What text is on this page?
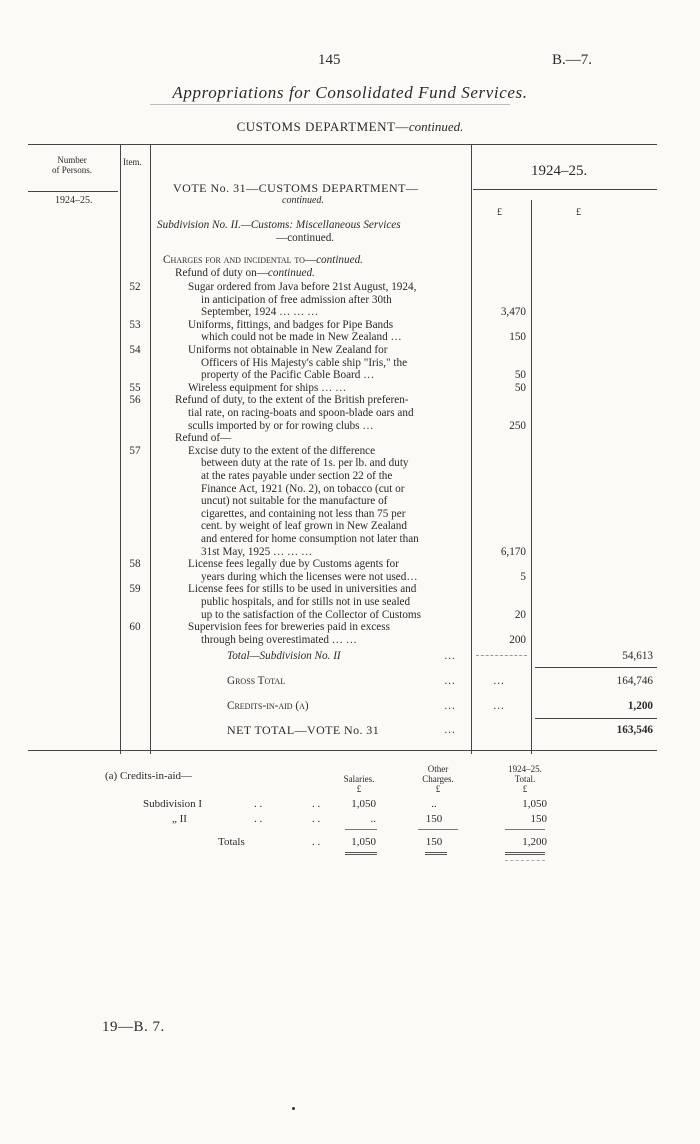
145	B.—7.
Appropriations for Consolidated Fund Services.
CUSTOMS DEPARTMENT—continued.
Number
of Persons.
Item.
1924–25.
1924–25.
£	£
VOTE No. 31—CUSTOMS DEPARTMENT—
continued.
Subdivision No. II.—Customs: Miscellaneous Services
—continued.
Charges for and incidental to—continued.
Refund of duty on—continued.
52	Sugar ordered from Java before 21st August, 1924,
in anticipation of free admission after 30th
September, 1924 … … …	3,470
53	Uniforms, fittings, and badges for Pipe Bands
which could not be made in New Zealand …	150
54	Uniforms not obtainable in New Zealand for
Officers of His Majesty's cable ship "Iris," the
property of the Pacific Cable Board …	50
55	Wireless equipment for ships … …	50
56	Refund of duty, to the extent of the British preferen-
tial rate, on racing-boats and spoon-blade oars and
sculls imported by or for rowing clubs …	250
Refund of—
57	Excise duty to the extent of the difference
between duty at the rate of 1s. per lb. and duty
at the rates payable under section 22 of the
Finance Act, 1921 (No. 2), on tobacco (cut or
uncut) not suitable for the manufacture of
cigarettes, and containing not less than 75 per
cent. by weight of leaf grown in New Zealand
and entered for home consumption not later than
31st May, 1925 … … …	6,170
58	License fees legally due by Customs agents for
years during which the licenses were not used…	5
59	License fees for stills to be used in universities and
public hospitals, and for stills not in use sealed
up to the satisfaction of the Collector of Customs	20
60	Supervision fees for breweries paid in excess
through being overestimated … …	200
Total—Subdivision No. II	…	54,613
Gross Total	…	…	164,746
Credits-in-aid (a)	…	…	1,200
NET TOTAL—VOTE No. 31	…	163,546
(a) Credits-in-aid—	Salaries.
£
Other
Charges.
£
1924–25.
Total.
£
Subdivision I	. .	. .	1,050	..	1,050
„ II	. .	. .	..	150	150
Totals	. .	1,050	150	1,200
19—B. 7.
